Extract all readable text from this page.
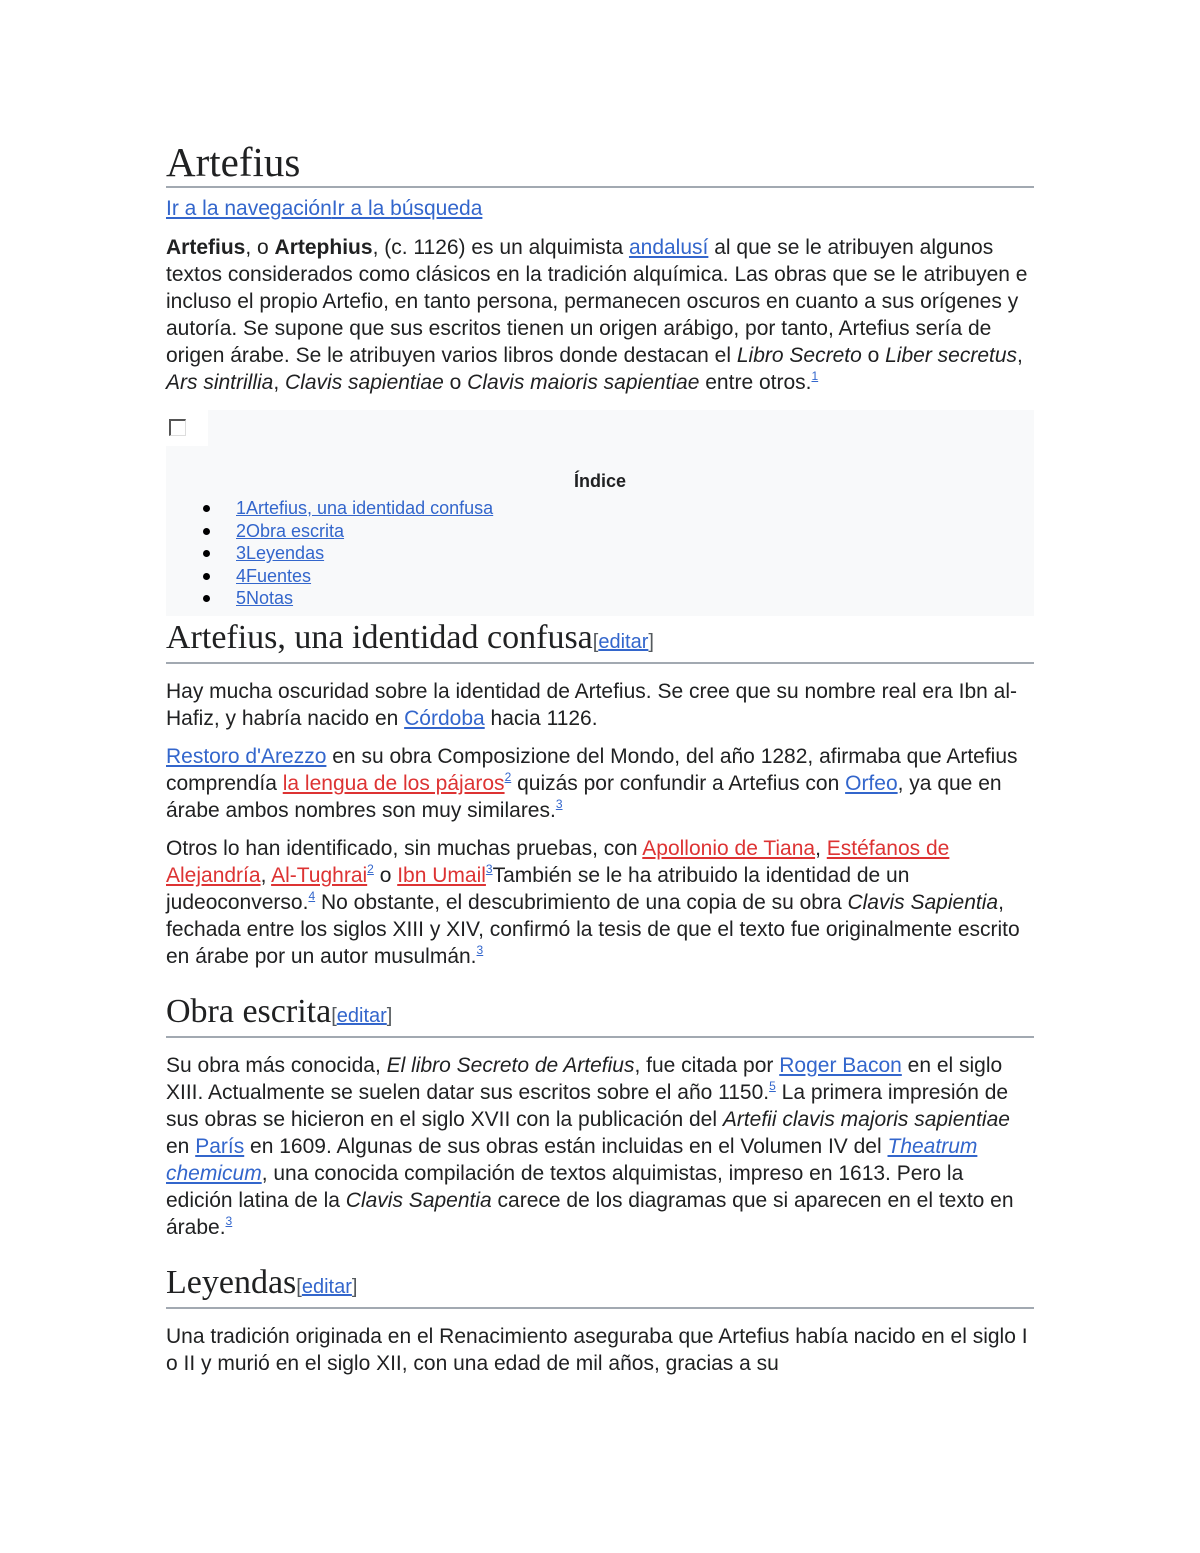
Artefius
Ir a la navegaciónIr a la búsqueda

Artefius, o Artephius, (c. 1126) es un alquimista andalusí al que se le atribuyen algunos textos considerados como clásicos en la tradición alquímica. Las obras que se le atribuyen e incluso el propio Artefio, en tanto persona, permanecen oscuros en cuanto a sus orígenes y autoría. Se supone que sus escritos tienen un origen arábigo, por tanto, Artefius sería de origen árabe. Se le atribuyen varios libros donde destacan el Libro Secreto o Liber secretus, Ars sintrillia, Clavis sapientiae o Clavis maioris sapientiae entre otros.$^1$

Índice
1Artefius, una identidad confusa
2Obra escrita
3Leyendas
4Fuentes
5Notas
Artefius, una identidad confusa[editar]

Hay mucha oscuridad sobre la identidad de Artefius. Se cree que su nombre real era Ibn al-Hafiz, y habría nacido en Córdoba hacia 1126.

Restoro d'Arezzo en su obra Composizione del Mondo, del año 1282, afirmaba que Artefius comprendía la lengua de los pájaros$^2$ quizás por confundir a Artefius con Orfeo, ya que en árabe ambos nombres son muy similares.$^3$

Otros lo han identificado, sin muchas pruebas, con Apollonio de Tiana, Estéfanos de Alejandría, Al-Tughrai$^2$ o Ibn Umail$^3$También se le ha atribuido la identidad de un judeoconverso.$^4$ No obstante, el descubrimiento de una copia de su obra Clavis Sapientia, fechada entre los siglos XIII y XIV, confirmó la tesis de que el texto fue originalmente escrito en árabe por un autor musulmán.$^3$

Obra escrita[editar]

Su obra más conocida, El libro Secreto de Artefius, fue citada por Roger Bacon en el siglo XIII. Actualmente se suelen datar sus escritos sobre el año 1150.$^5$ La primera impresión de sus obras se hicieron en el siglo XVII con la publicación del Artefii clavis majoris sapientiae en París en 1609. Algunas de sus obras están incluidas en el Volumen IV del Theatrum chemicum, una conocida compilación de textos alquimistas, impreso en 1613. Pero la edición latina de la Clavis Sapentia carece de los diagramas que si aparecen en el texto en árabe.$^3$

Leyendas[editar]

Una tradición originada en el Renacimiento aseguraba que Artefius había nacido en el siglo I o II y murió en el siglo XII, con una edad de mil años, gracias a su
